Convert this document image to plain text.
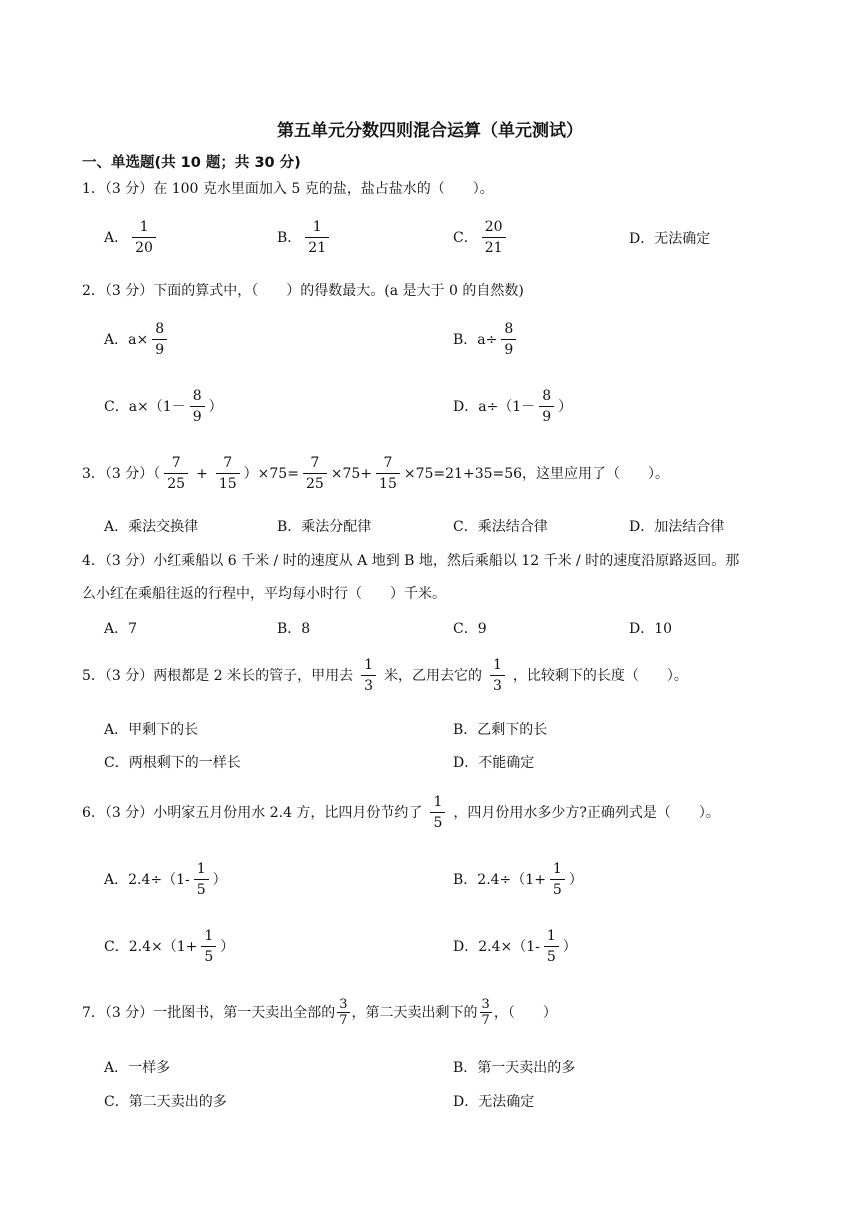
第五单元分数四则混合运算（单元测试）
一、单选题(共 10 题；共 30 分)
1．（3 分）在 100 克水里面加入 5 克的盐，盐占盐水的（　　）。
A． $\frac{1}{20}$	B． $\frac{1}{21}$	C． $\frac{20}{21}$	D．无法确定
2．（3 分）下面的算式中，（　　）的得数最大。(a 是大于 0 的自然数)
A．$a\times \frac{8}{9}$	B．$a\div \frac{8}{9}$
C．$a\times(1- \frac{8}{9}$ ）	D．$a\div(1- \frac{8}{9}$ ）
3．（3 分）（ $\frac{7}{25} + \frac{7}{15} )\times 75= \frac{7}{25} \times 75+ \frac{7}{15} \times 75=21+35=56$，这里应用了（　　）。
A．乘法交换律	B．乘法分配律	C．乘法结合律	D．加法结合律
4．（3 分）小红乘船以 6 千米 / 时的速度从 A 地到 B 地，然后乘船以 12 千米 / 时的速度沿原路返回。那
么小红在乘船往返的行程中，平均每小时行（　　）千米。
A．7	B．8	C．9	D．10
5．（3 分）两根都是 2 米长的管子，甲用去 $\frac{1}{3}$ 米，乙用去它的 $\frac{1}{3}$ ，比较剩下的长度（　　）。
A．甲剩下的长	B．乙剩下的长
C．两根剩下的一样长	D．不能确定
6．（3 分）小明家五月份用水 2.4 方，比四月份节约了 $\frac{1}{5}$ ，四月份用水多少方?正确列式是（　　）。
A．$2.4\div(1- \frac{1}{5}$ ）	B．$2.4\div(1+ \frac{1}{5}$ ）
C．$2.4\times(1+ \frac{1}{5}$ ）	D．$2.4\times(1- \frac{1}{5}$ ）
7．（3 分）一批图书，第一天卖出全部的 $\frac{3}{7}$ ，第二天卖出剩下的 $\frac{3}{7}$ ，（　　）
A．一样多	B．第一天卖出的多
C．第二天卖出的多	D．无法确定
